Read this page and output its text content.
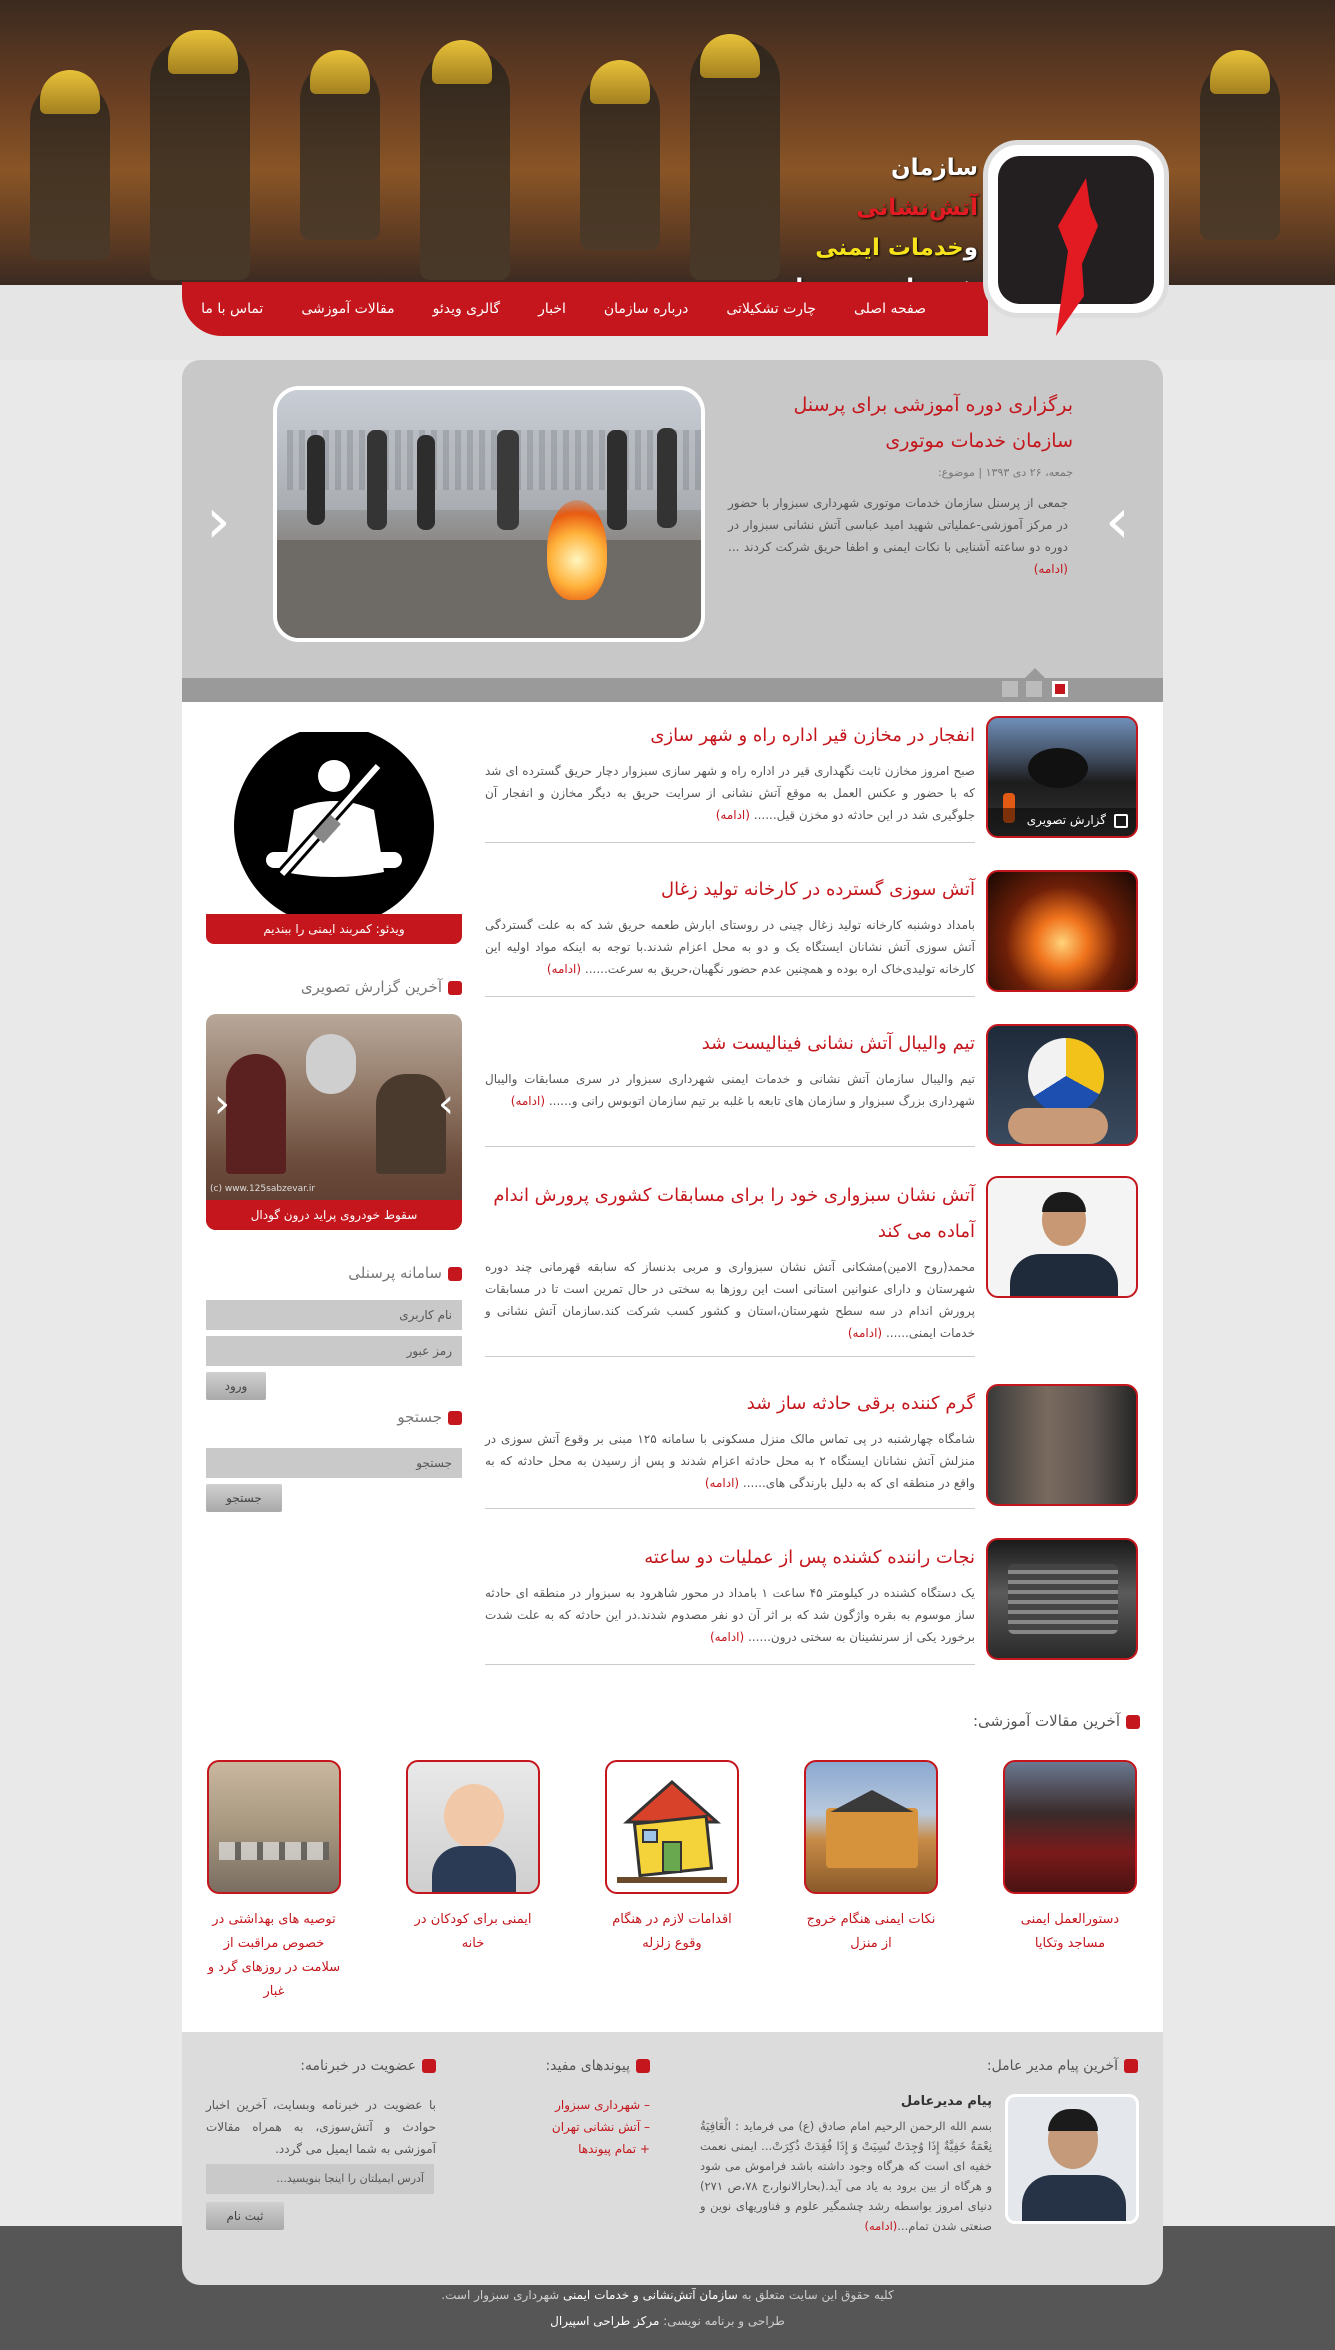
سازمان آتش‌نشانی
وخدمات ایمنی
صفحه اصلی
چارت تشکیلاتی
درباره سازمان
اخبار
گالری ویدئو
مقالات آموزشی
تماس با ما
‹	›
برگزاری دوره آموزشی برای پرسنل سازمان خدمات موتوری
جمعه، ۲۶ دی ۱۳۹۳ | موضوع:
جمعی از پرسنل سازمان خدمات موتوری شهرداری سبزوار با حضور در مرکز آموزشی-عملیاتی شهید امید عباسی آتش نشانی سبزوار در دوره دو ساعته آشنایی با نکات ایمنی و اطفا حریق شرکت کردند ... (ادامه)
گزارش تصویری
انفجار در مخازن قیر اداره راه و شهر سازی
صبح امروز مخازن ثابت نگهداری قیر در اداره راه و شهر سازی سبزوار دچار حریق گسترده ای شد که با حضور و عکس العمل به موقع آتش نشانی از سرایت حریق به دیگر مخازن و انفجار آن جلوگیری شد در این حادثه دو مخزن قیل...... (ادامه)
آتش سوزی گسترده در کارخانه تولید زغال
بامداد دوشنبه کارخانه تولید زغال چینی در روستای ابارش طعمه حریق شد که به علت گستردگی آتش سوزی آتش نشانان ایستگاه یک و دو به محل اعزام شدند.با توجه به اینکه مواد اولیه این کارخانه تولیدی‌خاک اره بوده و همچنین عدم حضور نگهبان،حریق به سرعت...... (ادامه)
تیم والیبال آتش نشانی فینالیست شد
تیم والیبال سازمان آتش نشانی و خدمات ایمنی شهرداری سبزوار در سری مسابقات والیبال شهرداری بزرگ سبزوار و سازمان های تابعه با غلبه بر تیم سازمان اتوبوس رانی و...... (ادامه)
آتش نشان سبزواری خود را برای مسابقات کشوری پرورش اندام آماده می کند
محمد(روح الامین)مشکانی آتش نشان سبزواری و مربی بدنساز که سابقه قهرمانی چند دوره شهرستان و دارای عنوانین استانی است این روزها به سختی در حال تمرین است تا در مسابقات پرورش اندام در سه سطح شهرستان،استان و کشور کسب شرکت کند.سازمان آتش نشانی و خدمات ایمنی...... (ادامه)
گرم کننده برقی حادثه ساز شد
شامگاه چهارشنبه در پی تماس مالک منزل مسکونی با سامانه ۱۲۵ مبنی بر وقوع آتش سوزی در منزلش آتش نشانان ایستگاه ۲ به محل حادثه اعزام شدند و پس از رسیدن به محل حادثه که به واقع در منطقه ای که به دلیل بارندگی های...... (ادامه)
نجات راننده کشنده پس از عملیات دو ساعته
یک دستگاه کشنده در کیلومتر ۴۵ ساعت ۱ بامداد در محور شاهرود به سبزوار در منطقه ای حادثه ساز موسوم به بقره واژگون شد که بر اثر آن دو نفر مصدوم شدند.در این حادثه که به علت شدت برخورد یکی از سرنشینان به سختی درون...... (ادامه)
ویدئو: کمربند ایمنی را ببندیم
آخرین گزارش تصویری
‹	›
(c) www.125sabzevar.ir
سقوط خودروی پراید درون گودال
سامانه پرسنلی
نام کاربری
رمز عبور
ورود
جستجو
جستجو
جستجو
آخرین مقالات آموزشی:
دستورالعمل ایمنی مساجد وتکایا
نکات ایمنی هنگام خروج از منزل
اقدامات لازم در هنگام وقوع زلزله
ایمنی برای کودکان در خانه
توصیه های بهداشتی در خصوص مراقبت از سلامت در روزهای گرد و غبار
آخرین پیام مدیر عامل:
پیام مدیرعامل
بسم الله الرحمن الرحیم امام صادق (ع) می فرماید : الْعَافِیَةُ نِعْمَةٌ خَفِیَّةٌ إِذَا وُجِدَتْ نُسِیَتْ وَ إِذَا فُقِدَتْ ذُکِرَتْ... ایمنی نعمت خفیه ای است که هرگاه وجود داشته باشد فراموش می شود و هرگاه از بین برود به یاد می آید.(بحارالانوار،ج ۷۸،ص ۲۷۱) دنیای امروز بواسطه رشد چشمگیر علوم و فناوریهای نوین و صنعتی شدن تمام...(ادامه)
پیوندهای مفید:
– شهرداری سبزوار
– آتش نشانی تهران
+ تمام پیوندها
عضویت در خبرنامه:
با عضویت در خبرنامه وبسایت، آخرین اخبار حوادث و آتش‌سوزی، به همراه مقالات آموزشی به شما ایمیل می گردد.
آدرس ایمیلتان را اینجا بنویسید...
ثبت نام
کلیه حقوق این سایت متعلق به سازمان آتش‌نشانی و خدمات ایمنی شهرداری سبزوار است.
طراحی و برنامه نویسی: مرکز طراحی اسپیرال
